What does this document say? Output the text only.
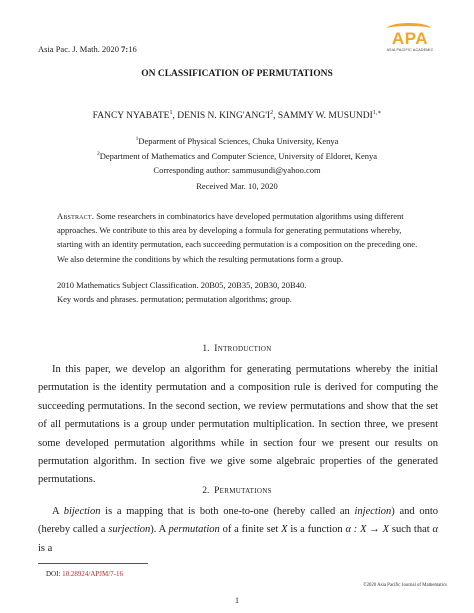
Asia Pac. J. Math. 2020 7:16
APA
ASIA PACIFIC ACADEMIC
ON CLASSIFICATION OF PERMUTATIONS
FANCY NYABATE$^1$, DENIS N. $KING'ANG'I^2$, SAMMY W. $MUSUNDI^{1,∗}$
$^1$Deparment of Physical Sciences, Chuka University, Kenya
$^2$Department of Mathematics and Computer Science, University of Eldoret, Kenya
Corresponding author: sammusundi@yahoo.com
Received Mar. 10, 2020
Abstract. Some researchers in combinatorics have developed permutation algorithms using different approaches. We contribute to this area by developing a formula for generating permutations whereby, starting with an identity permutation, each succeeding permutation is a composition on the preceding one. We also determine the conditions by which the resulting permutations form a group.
2010 Mathematics Subject Classification. 20B05, 20B35, 20B30, 20B40.
Key words and phrases. permutation; permutation algorithms; group.
1. Introduction
In this paper, we develop an algorithm for generating permutations whereby the initial permutation is the identity permutation and a composition rule is derived for computing the succeeding permutations. In the second section, we review permutations and show that the set of all permutations is a group under permutation multiplication. In section three, we present some developed permutation algorithms while in section four we present our results on permutation algorithm. In section five we give some algebraic properties of the generated permutations.
2. Permutations
A bijection is a mapping that is both one-to-one (hereby called an injection) and onto (hereby called a surjection). A permutation of a finite set X is a function α : X → X such that α is a
DOI: 10.28924/APJM/7-16
©2020 Asia Pacific Journal of Mathematics
1
